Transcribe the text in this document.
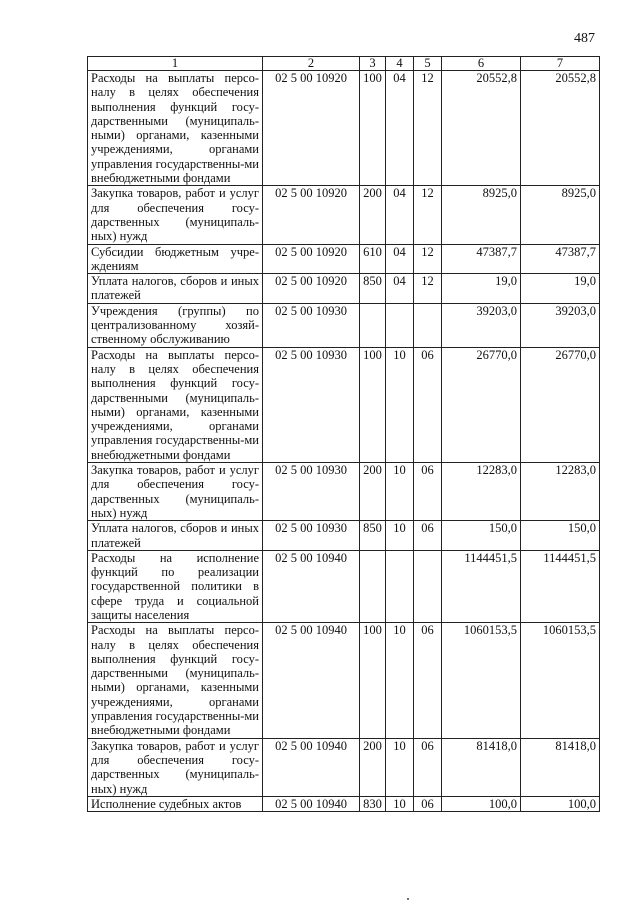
487
1	2	3	4	5	6	7
Расходы на выплаты персо-налу в целях обеспечения выполнения функций госу-дарственными (муниципаль-ными) органами, казенными учреждениями, органами управления государственны-ми внебюджетными фондами	02 5 00 10920	100	04	12	20552,8	20552,8
Закупка товаров, работ и услуг для обеспечения госу-дарственных (муниципаль-ных) нужд	02 5 00 10920	200	04	12	8925,0	8925,0
Субсидии бюджетным учре-ждениям	02 5 00 10920	610	04	12	47387,7	47387,7
Уплата налогов, сборов и иных платежей	02 5 00 10920	850	04	12	19,0	19,0
Учреждения (группы) по централизованному хозяй-ственному обслуживанию	02 5 00 10930				39203,0	39203,0
Расходы на выплаты персо-налу в целях обеспечения выполнения функций госу-дарственными (муниципаль-ными) органами, казенными учреждениями, органами управления государственны-ми внебюджетными фондами	02 5 00 10930	100	10	06	26770,0	26770,0
Закупка товаров, работ и услуг для обеспечения госу-дарственных (муниципаль-ных) нужд	02 5 00 10930	200	10	06	12283,0	12283,0
Уплата налогов, сборов и иных платежей	02 5 00 10930	850	10	06	150,0	150,0
Расходы на исполнение функций по реализации государственной политики в сфере труда и социальной защиты населения	02 5 00 10940				1144451,5	1144451,5
Расходы на выплаты персо-налу в целях обеспечения выполнения функций госу-дарственными (муниципаль-ными) органами, казенными учреждениями, органами управления государственны-ми внебюджетными фондами	02 5 00 10940	100	10	06	1060153,5	1060153,5
Закупка товаров, работ и услуг для обеспечения госу-дарственных (муниципаль-ных) нужд	02 5 00 10940	200	10	06	81418,0	81418,0
Исполнение судебных актов	02 5 00 10940	830	10	06	100,0	100,0
